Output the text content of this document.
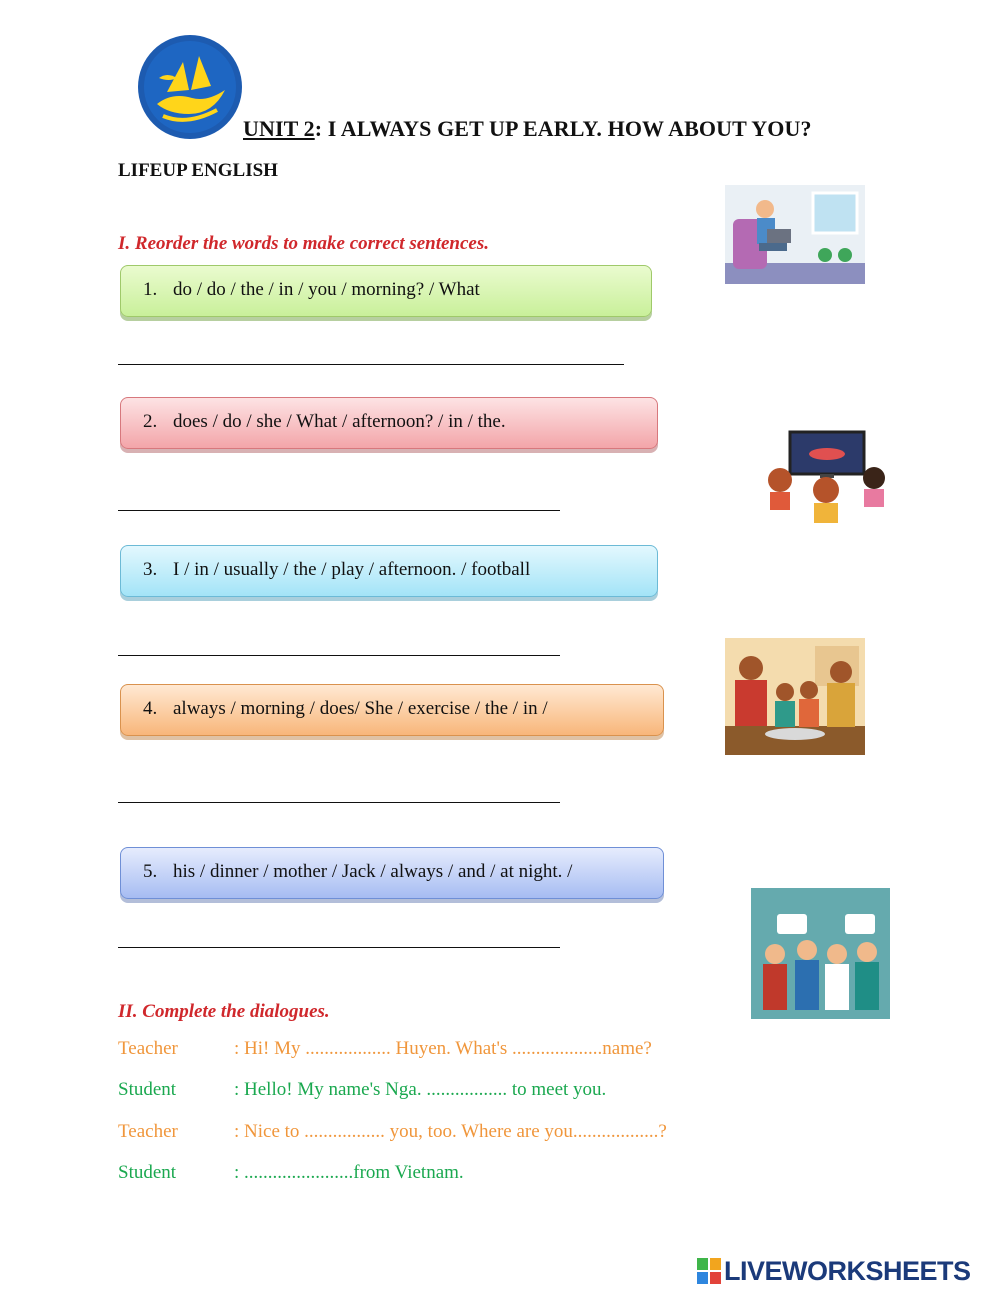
UNIT 2: I ALWAYS GET UP EARLY. HOW ABOUT YOU?
LIFEUP ENGLISH
I. Reorder the words to make correct sentences.
1. do / do / the / in / you / morning? / What
2. does / do / she / What / afternoon? / in / the.
3. I / in / usually / the / play / afternoon. / football
4. always / morning / does/ She / exercise / the / in /
5. his / dinner / mother / Jack / always / and / at night. /
II. Complete the dialogues.
Teacher	: Hi! My .................. Huyen. What's ...................name?
Student	: Hello! My name's Nga. ................. to meet you.
Teacher	: Nice to ................. you, too. Where are you..................?
Student	: .......................from Vietnam.
LIVEWORKSHEETS
